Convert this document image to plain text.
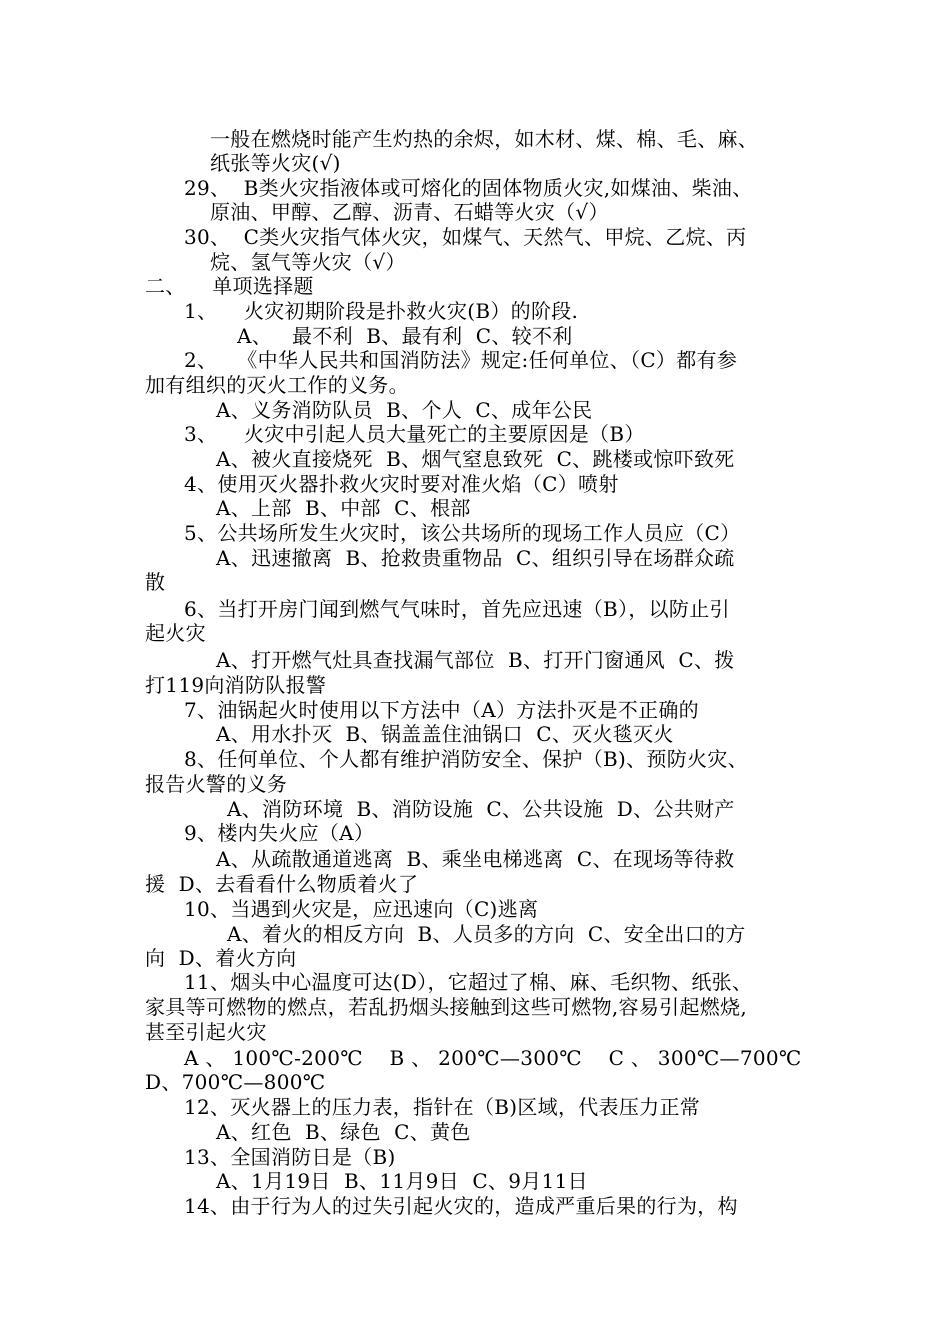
一般在燃烧时能产生灼热的余烬，如木材、煤、棉、毛、麻、
纸张等火灾(√)
29、  B类火灾指液体或可熔化的固体物质火灾,如煤油、柴油、
原油、甲醇、乙醇、沥青、石蜡等火灾（√）
30、  C类火灾指气体火灾，如煤气、天然气、甲烷、乙烷、丙
烷、氢气等火灾（√）
二、    单项选择题
1、    火灾初期阶段是扑救火灾(B）的阶段.
A、   最不利  B、最有利  C、较不利
2、   《中华人民共和国消防法》规定:任何单位、（C）都有参
加有组织的灭火工作的义务。
A、义务消防队员  B、个人  C、成年公民
3、    火灾中引起人员大量死亡的主要原因是（B）
A、被火直接烧死  B、烟气窒息致死  C、跳楼或惊吓致死
4、使用灭火器扑救火灾时要对准火焰（C）喷射
A、上部  B、中部  C、根部
5、公共场所发生火灾时，该公共场所的现场工作人员应（C）
A、迅速撤离  B、抢救贵重物品  C、组织引导在场群众疏
散
6、当打开房门闻到燃气气味时，首先应迅速（B），以防止引
起火灾
A、打开燃气灶具查找漏气部位  B、打开门窗通风  C、拨
打119向消防队报警
7、油锅起火时使用以下方法中（A）方法扑灭是不正确的
A、用水扑灭  B、锅盖盖住油锅口  C、灭火毯灭火
8、任何单位、个人都有维护消防安全、保护（B)、预防火灾、
报告火警的义务
A、消防环境  B、消防设施  C、公共设施  D、公共财产
9、楼内失火应（A）
A、从疏散通道逃离  B、乘坐电梯逃离  C、在现场等待救
援  D、去看看什么物质着火了
10、当遇到火灾是，应迅速向（C)逃离
A、着火的相反方向  B、人员多的方向  C、安全出口的方
向  D、着火方向
11、烟头中心温度可达(D），它超过了棉、麻、毛织物、纸张、
家具等可燃物的燃点，若乱扔烟头接触到这些可燃物,容易引起燃烧,
甚至引起火灾
A 、 100℃-200℃    B 、 200℃—300℃    C 、 300℃—700℃
D、700℃—800℃
12、灭火器上的压力表，指针在（B)区域，代表压力正常
A、红色  B、绿色  C、黄色
13、全国消防日是（B)
A、1月19日  B、11月9日  C、9月11日
14、由于行为人的过失引起火灾的，造成严重后果的行为，构
